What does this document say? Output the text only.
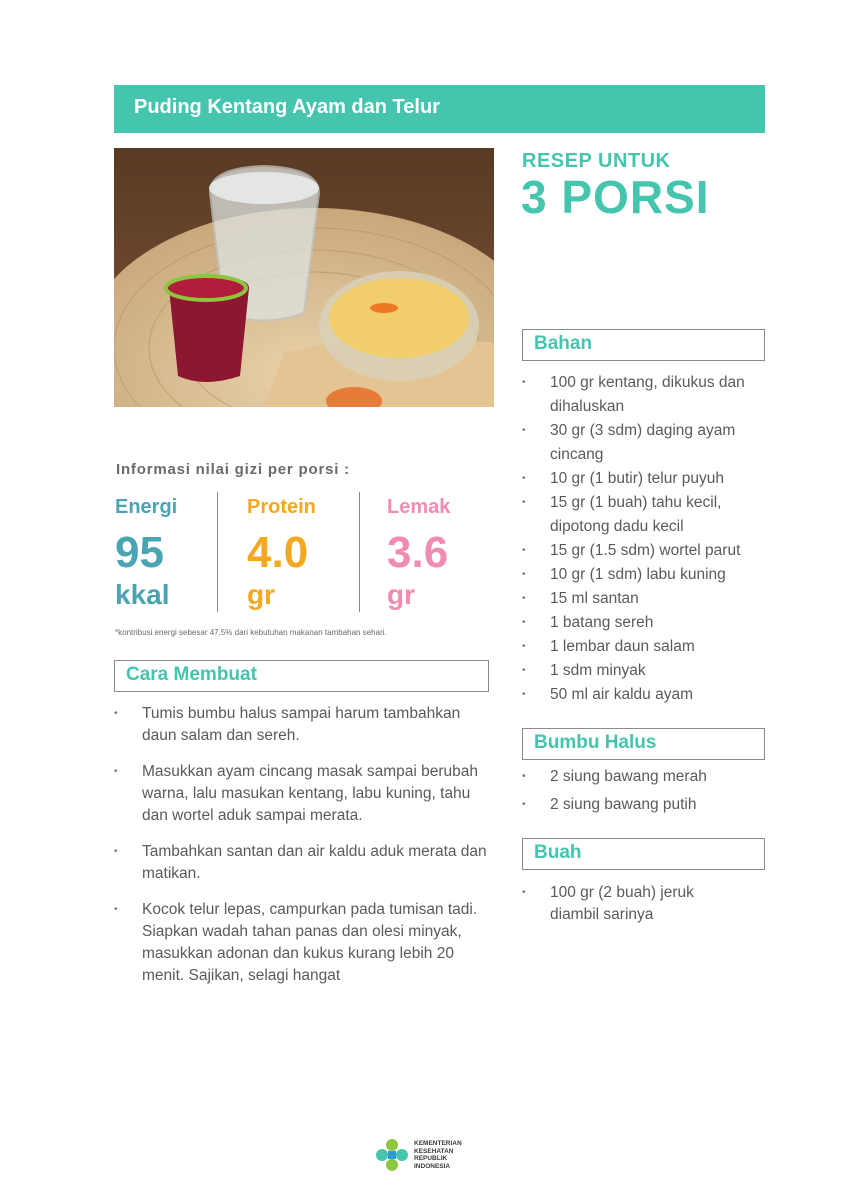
Puding Kentang Ayam dan Telur
RESEP UNTUK
3 PORSI
Informasi nilai gizi per porsi :
Energi
95
kkal
Protein
4.0
gr
Lemak
3.6
gr
*kontribusi energi sebesar 47,5% dari kebutuhan makanan tambahan sehari.
Cara Membuat
• Tumis bumbu halus sampai harum tambahkan daun salam dan sereh.
• Masukkan ayam cincang masak sampai berubah warna, lalu masukan kentang, labu kuning, tahu dan wortel aduk sampai merata.
• Tambahkan santan dan air kaldu aduk merata dan matikan.
• Kocok telur lepas, campurkan pada tumisan tadi. Siapkan wadah tahan panas dan olesi minyak, masukkan adonan dan kukus kurang lebih 20 menit. Sajikan, selagi hangat
Bahan
• 100 gr kentang, dikukus dan dihaluskan
• 30 gr (3 sdm) daging ayam cincang
• 10 gr (1 butir) telur puyuh
• 15 gr (1 buah) tahu kecil, dipotong dadu kecil
• 15 gr (1.5 sdm) wortel parut
• 10 gr (1 sdm) labu kuning
• 15 ml santan
• 1 batang sereh
• 1 lembar daun salam
• 1 sdm minyak
• 50 ml air kaldu ayam
Bumbu Halus
• 2 siung bawang merah
• 2 siung bawang putih
Buah
• 100 gr (2 buah) jeruk diambil sarinya
KEMENTERIAN
KESEHATAN
REPUBLIK
INDONESIA
